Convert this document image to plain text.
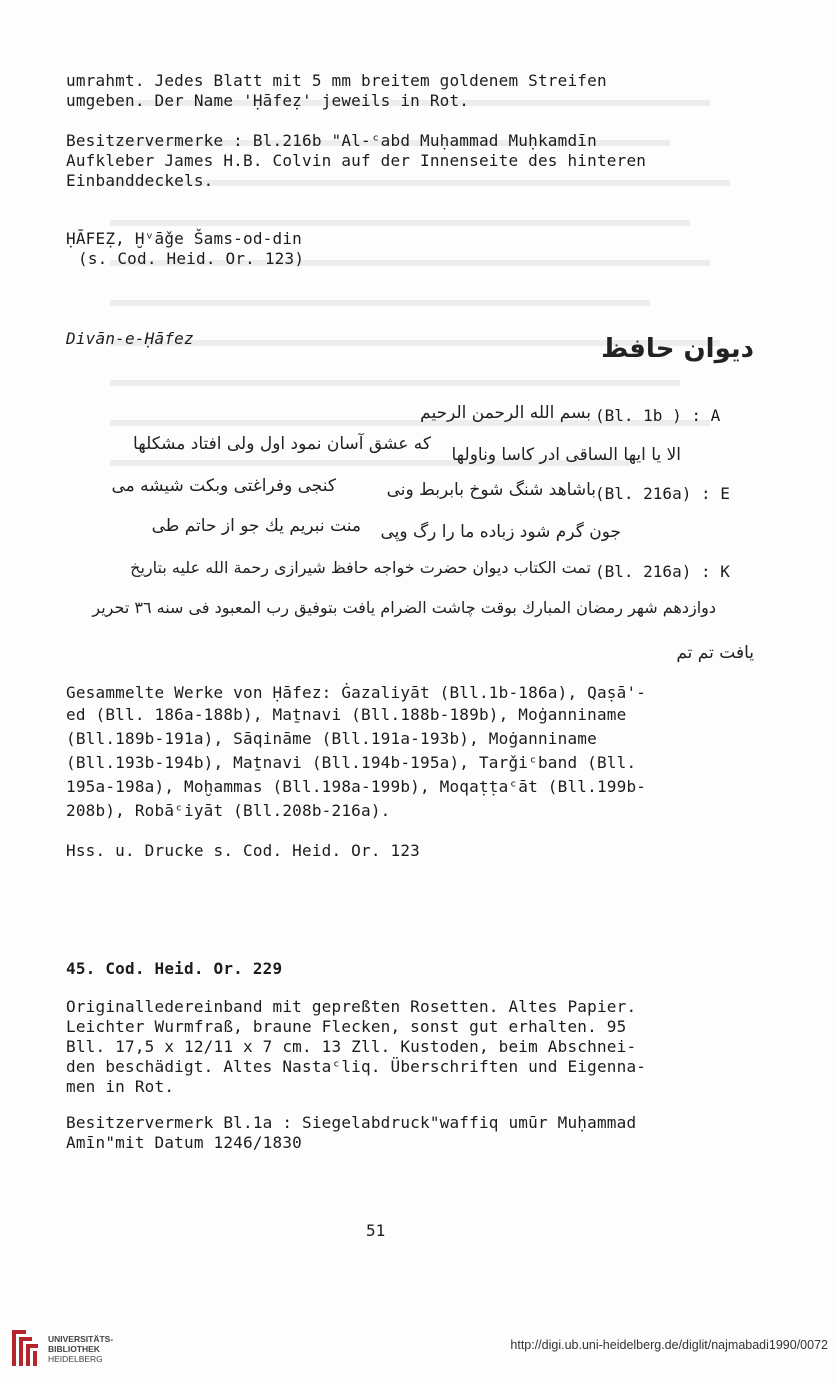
umrahmt. Jedes Blatt mit 5 mm breitem goldenem Streifen
umgeben. Der Name 'Ḥāfeẓ' jeweils in Rot.
Besitzervermerke : Bl.216b "Al-ᶜabd Muḥammad Muḥkamdīn
Aufkleber James H.B. Colvin auf der Innenseite des hinteren
Einbanddeckels.
ḤĀFEẒ, Ḫᵛāǧe Šams-od-din
(s. Cod. Heid. Or. 123)
Divān-e-Ḥāfez	ديوان حافظ
بسم الله الرحمن الرحيم (Bl. 1b ) : A
كه عشق آسان نمود اول ولى افتاد مشكلها
الا يا ايها الساقى ادر كاسا وناولها
باشاهد شنگ شوخ بابربط ونى
كنجى وفراغتى وبكت شيشه مى	(Bl. 216a) : E
منت نبريم يك جو از حاتم طى جون گرم شود زباده ما را رگ وپى
تمت الكتاب ديوان حضرت خواجه حافظ شيرازى رحمة الله عليه بتاريخ (Bl. 216a) : K
دوازدهم شهر رمضان المبارك بوقت چاشت الضرام يافت بتوفيق رب المعبود فى سنه ٣٦ تحرير
يافت تم تم
Gesammelte Werke von Ḥāfez: Ġazaliyāt (Bll.1b-186a), Qaṣā'-
ed (Bll. 186a-188b), Maṯnavi (Bll.188b-189b), Moġanniname
(Bll.189b-191a), Sāqināme (Bll.191a-193b), Moġanniname
(Bll.193b-194b), Maṯnavi (Bll.194b-195a), Tarǧiᶜband (Bll.
195a-198a), Moḫammas (Bll.198a-199b), Moqaṭṭaᶜāt (Bll.199b-
208b), Robāᶜiyāt (Bll.208b-216a).
Hss. u. Drucke s. Cod. Heid. Or. 123
45. Cod. Heid. Or. 229
Originalledereinband mit gepreßten Rosetten. Altes Papier.
Leichter Wurmfraß, braune Flecken, sonst gut erhalten. 95
Bll. 17,5 x 12/11 x 7 cm. 13 Zll. Kustoden, beim Abschnei-
den beschädigt. Altes Nastaᶜliq. Überschriften und Eigenna-
men in Rot.
Besitzervermerk Bl.1a : Siegelabdruck"waffiq umūr Muḥammad
Amīn"mit Datum 1246/1830
51
UNIVERSITÄTS-
BIBLIOTHEK
HEIDELBERG
http://digi.ub.uni-heidelberg.de/diglit/najmabadi1990/0072
